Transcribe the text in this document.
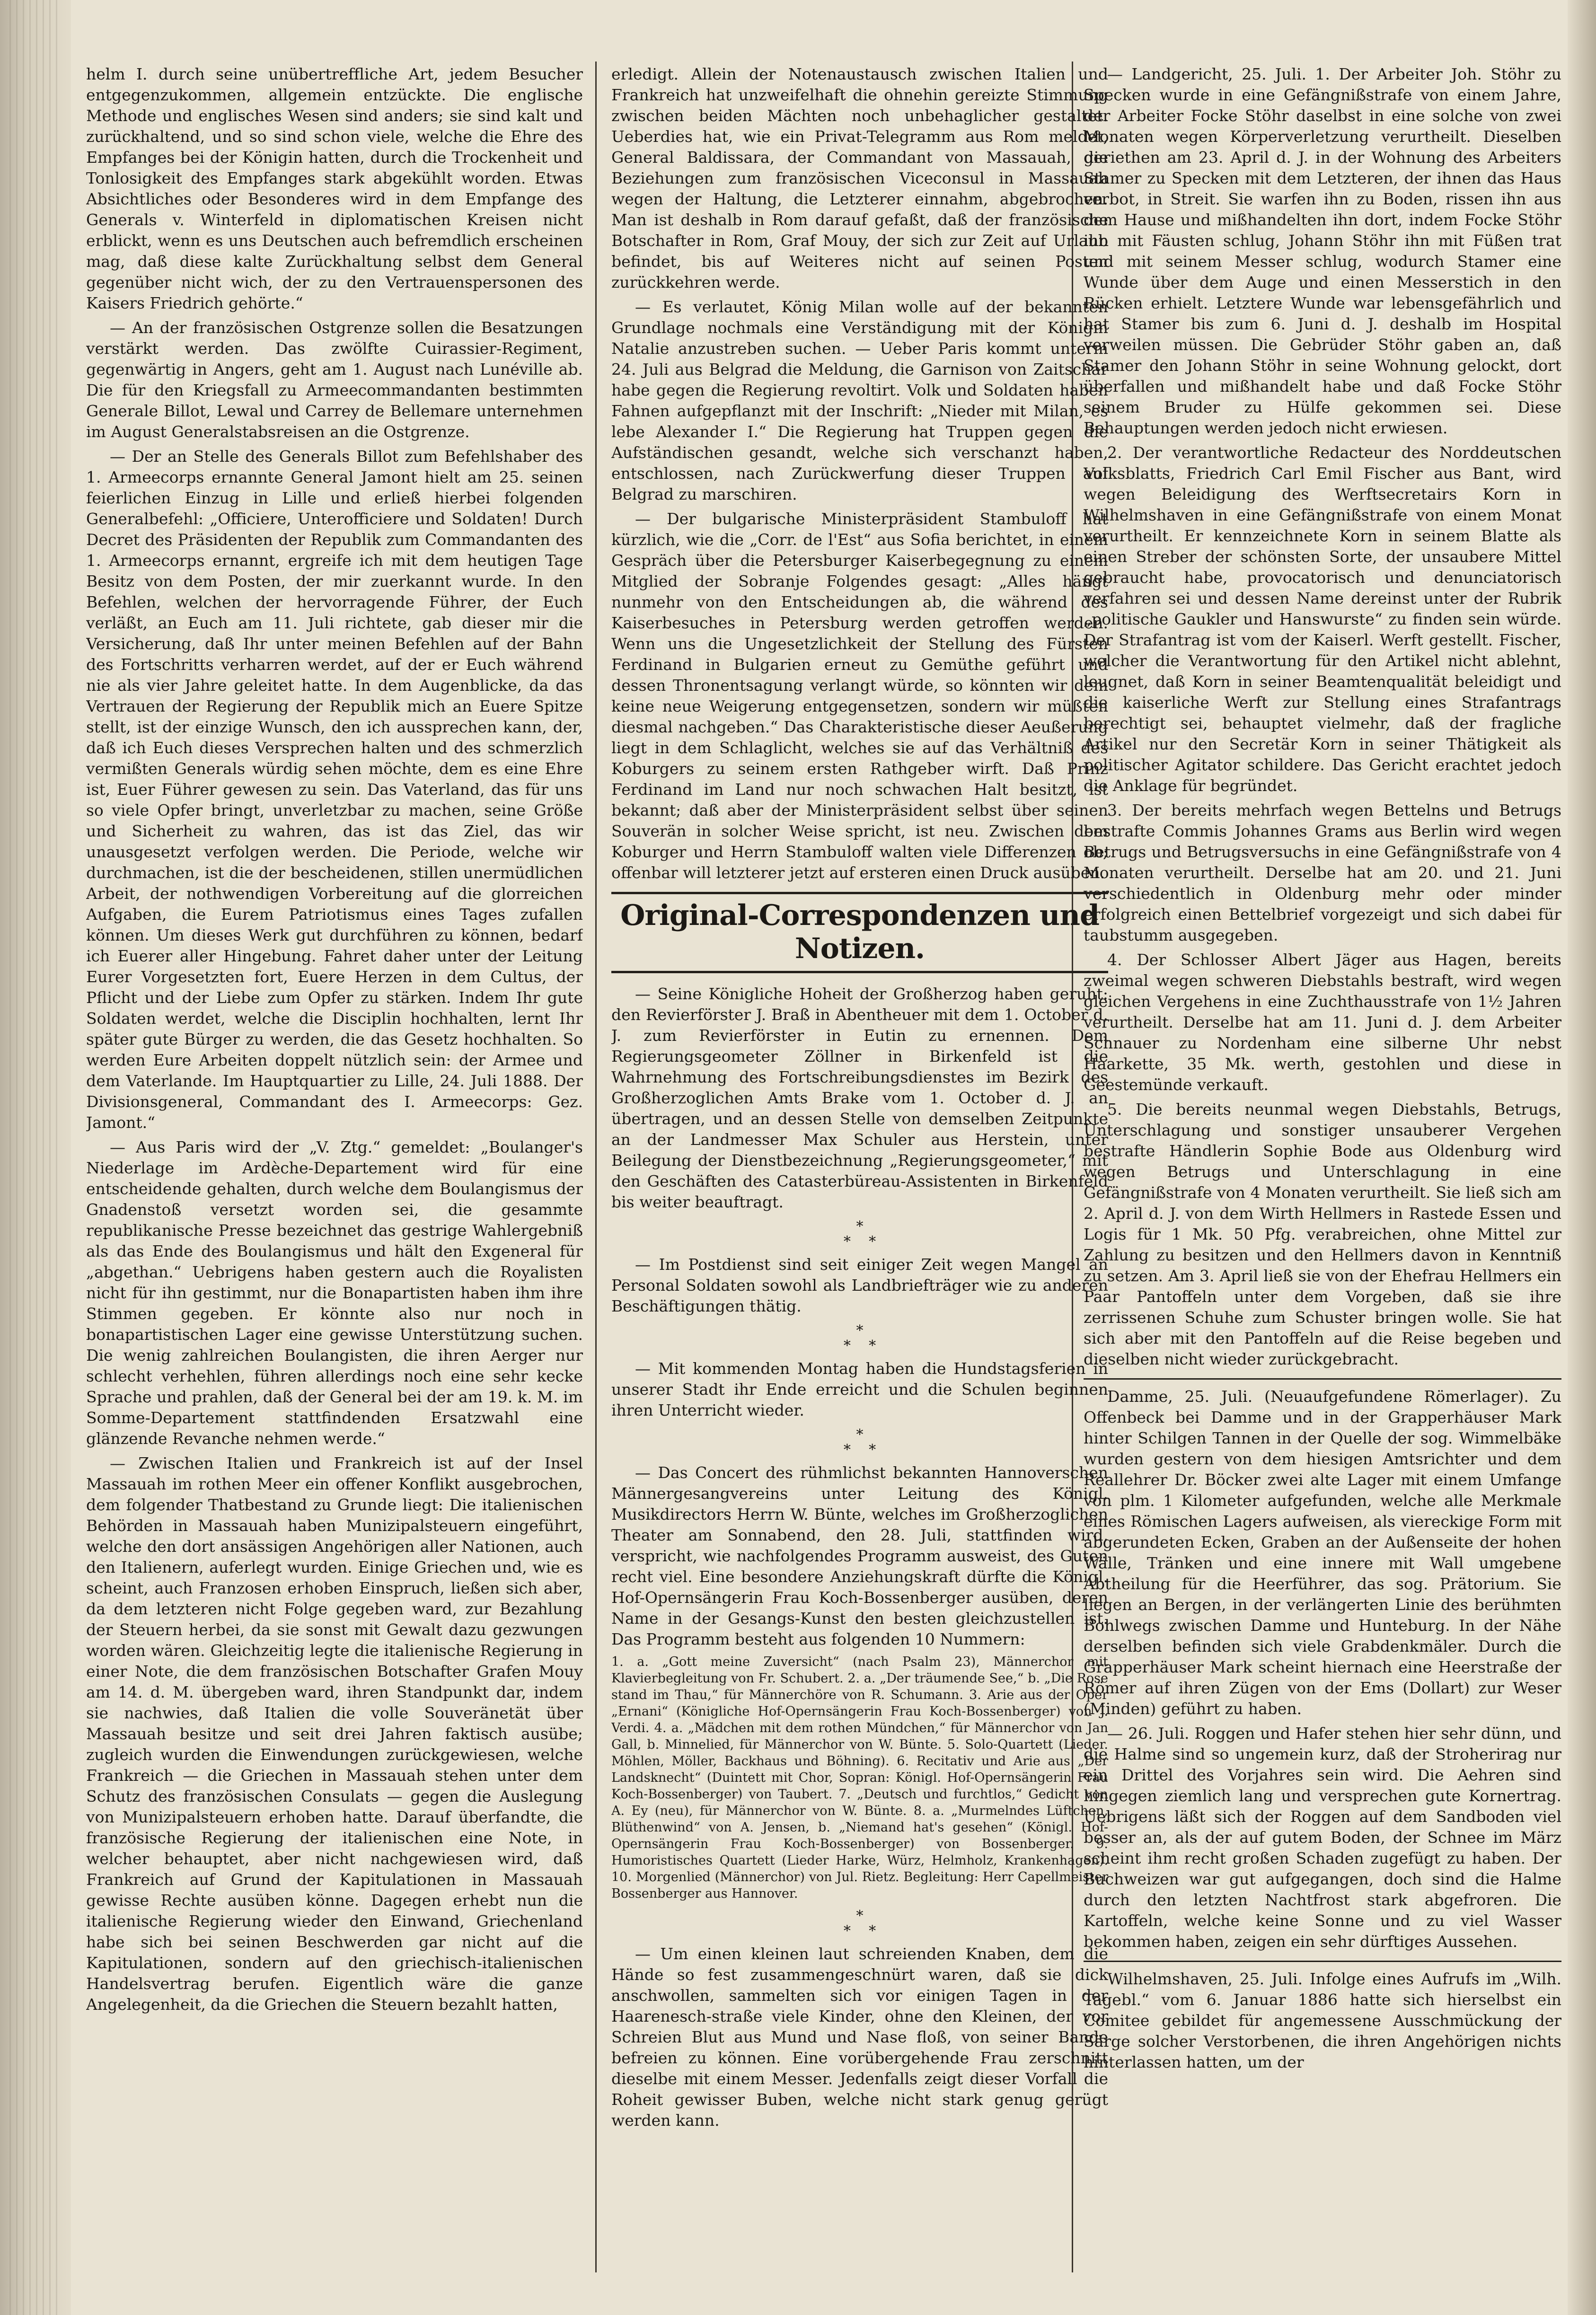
helm I. durch seine unübertreffliche Art, jedem Besucher entgegenzukommen, allgemein entzückte. Die englische Methode und englisches Wesen sind anders; sie sind kalt und zurückhaltend, und so sind schon viele, welche die Ehre des Empfanges bei der Königin hatten, durch die Trockenheit und Tonlosigkeit des Empfanges stark abgekühlt worden. Etwas Absichtliches oder Besonderes wird in dem Empfange des Generals v. Winterfeld in diplomatischen Kreisen nicht erblickt, wenn es uns Deutschen auch befremdlich erscheinen mag, daß diese kalte Zurückhaltung selbst dem General gegenüber nicht wich, der zu den Vertrauenspersonen des Kaisers Friedrich gehörte.“

— An der französischen Ostgrenze sollen die Besatzungen verstärkt werden. Das zwölfte Cuirassier-Regiment, gegenwärtig in Angers, geht am 1. August nach Lunéville ab. Die für den Kriegsfall zu Armeecommandanten bestimmten Generale Billot, Lewal und Carrey de Bellemare unternehmen im August Generalstabsreisen an die Ostgrenze.

— Der an Stelle des Generals Billot zum Befehlshaber des 1. Armeecorps ernannte General Jamont hielt am 25. seinen feierlichen Einzug in Lille und erließ hierbei folgenden Generalbefehl: „Officiere, Unterofficiere und Soldaten! Durch Decret des Präsidenten der Republik zum Commandanten des 1. Armeecorps ernannt, ergreife ich mit dem heutigen Tage Besitz von dem Posten, der mir zuerkannt wurde. In den Befehlen, welchen der hervorragende Führer, der Euch verläßt, an Euch am 11. Juli richtete, gab dieser mir die Versicherung, daß Ihr unter meinen Befehlen auf der Bahn des Fortschritts verharren werdet, auf der er Euch während nie als vier Jahre geleitet hatte. In dem Augenblicke, da das Vertrauen der Regierung der Republik mich an Euere Spitze stellt, ist der einzige Wunsch, den ich aussprechen kann, der, daß ich Euch dieses Versprechen halten und des schmerzlich vermißten Generals würdig sehen möchte, dem es eine Ehre ist, Euer Führer gewesen zu sein. Das Vaterland, das für uns so viele Opfer bringt, unverletzbar zu machen, seine Größe und Sicherheit zu wahren, das ist das Ziel, das wir unausgesetzt verfolgen werden. Die Periode, welche wir durchmachen, ist die der bescheidenen, stillen unermüdlichen Arbeit, der nothwendigen Vorbereitung auf die glorreichen Aufgaben, die Eurem Patriotismus eines Tages zufallen können. Um dieses Werk gut durchführen zu können, bedarf ich Euerer aller Hingebung. Fahret daher unter der Leitung Eurer Vorgesetzten fort, Euere Herzen in dem Cultus, der Pflicht und der Liebe zum Opfer zu stärken. Indem Ihr gute Soldaten werdet, welche die Disciplin hochhalten, lernt Ihr später gute Bürger zu werden, die das Gesetz hochhalten. So werden Eure Arbeiten doppelt nützlich sein: der Armee und dem Vaterlande. Im Hauptquartier zu Lille, 24. Juli 1888. Der Divisionsgeneral, Commandant des I. Armeecorps: Gez. Jamont.“

— Aus Paris wird der „V. Ztg.“ gemeldet: „Boulanger's Niederlage im Ardèche-Departement wird für eine entscheidende gehalten, durch welche dem Boulangismus der Gnadenstoß versetzt worden sei, die gesammte republikanische Presse bezeichnet das gestrige Wahlergebniß als das Ende des Boulangismus und hält den Exgeneral für „abgethan.“ Uebrigens haben gestern auch die Royalisten nicht für ihn gestimmt, nur die Bonapartisten haben ihm ihre Stimmen gegeben. Er könnte also nur noch in bonapartistischen Lager eine gewisse Unterstützung suchen. Die wenig zahlreichen Boulangisten, die ihren Aerger nur schlecht verhehlen, führen allerdings noch eine sehr keckе Sprache und prahlen, daß der General bei der am 19. k. M. im Somme-Departement stattfindenden Ersatzwahl eine glänzende Revanche nehmen werde.“

— Zwischen Italien und Frankreich ist auf der Insel Massauah im rothen Meer ein offener Konflikt ausgebrochen, dem folgender Thatbestand zu Grunde liegt: Die italienischen Behörden in Massauah haben Munizipalsteuern eingeführt, welche den dort ansässigen Angehörigen aller Nationen, auch den Italienern, auferlegt wurden. Einige Griechen und, wie es scheint, auch Franzosen erhoben Einspruch, ließen sich aber, da dem letzteren nicht Folge gegeben ward, zur Bezahlung der Steuern herbei, da sie sonst mit Gewalt dazu gezwungen worden wären. Gleichzeitig legte die italienische Regierung in einer Note, die dem französischen Botschafter Grafen Mouy am 14. d. M. übergeben ward, ihren Standpunkt dar, indem sie nachwies, daß Italien die volle Souveränetät über Massauah besitze und seit drei Jahren faktisch ausübe; zugleich wurden die Einwendungen zurückgewiesen, welche Frankreich — die Griechen in Massauah stehen unter dem Schutz des französischen Consulats — gegen die Auslegung von Munizipalsteuern erhoben hatte. Darauf überfandte, die französische Regierung der italienischen eine Note, in welcher behauptet, aber nicht nachgewiesen wird, daß Frankreich auf Grund der Kapitulationen in Massauah gewisse Rechte ausüben könne. Dagegen erhebt nun die italienische Regierung wieder den Einwand, Griechenland habe sich bei seinen Beschwerden gar nicht auf die Kapitulationen, sondern auf den griechisch-italienischen Handelsvertrag berufen. Eigentlich wäre die ganze Angelegenheit, da die Griechen die Steuern bezahlt hatten,

erledigt. Allein der Notenaustausch zwischen Italien und Frankreich hat unzweifelhaft die ohnehin gereizte Stimmung zwischen beiden Mächten noch unbehaglicher gestaltet. Ueberdies hat, wie ein Privat-Telegramm aus Rom meldet, General Baldissara, der Commandant von Massauah, die Beziehungen zum französischen Viceconsul in Massauah wegen der Haltung, die Letzterer einnahm, abgebrochen. Man ist deshalb in Rom darauf gefaßt, daß der französische Botschafter in Rom, Graf Mouy, der sich zur Zeit auf Urlaub befindet, bis auf Weiteres nicht auf seinen Posten zurückkehren werde.

— Es verlautet, König Milan wolle auf der bekannten Grundlage nochmals eine Verständigung mit der Königin Natalie anzustreben suchen. — Ueber Paris kommt unterm 24. Juli aus Belgrad die Meldung, die Garnison von Zaitschar habe gegen die Regierung revoltirt. Volk und Soldaten haben Fahnen aufgepflanzt mit der Inschrift: „Nieder mit Milan, es lebe Alexander I.“ Die Regierung hat Truppen gegen die Aufständischen gesandt, welche sich verschanzt haben, entschlossen, nach Zurückwerfung dieser Truppen auf Belgrad zu marschiren.

— Der bulgarische Ministerpräsident Stambuloff hat kürzlich, wie die „Corr. de l'Est“ aus Sofia berichtet, in einem Gespräch über die Petersburger Kaiserbegegnung zu einem Mitglied der Sobranje Folgendes gesagt: „Alles hängt nunmehr von den Entscheidungen ab, die während des Kaiserbesuches in Petersburg werden getroffen werden. Wenn uns die Ungesetzlichkeit der Stellung des Fürsten Ferdinand in Bulgarien erneut zu Gemüthe geführt und dessen Thronentsagung verlangt würde, so könnten wir dem keine neue Weigerung entgegensetzen, sondern wir müßten diesmal nachgeben.“ Das Charakteristische dieser Aeußerung liegt in dem Schlaglicht, welches sie auf das Verhältniß des Koburgers zu seinem ersten Rathgeber wirft. Daß Prinz Ferdinand im Land nur noch schwachen Halt besitzt, ist bekannt; daß aber der Ministerpräsident selbst über seinen Souverän in solcher Weise spricht, ist neu. Zwischen dem Koburger und Herrn Stambuloff walten viele Differenzen ob; offenbar will letzterer jetzt auf ersteren einen Druck ausüben.

Original-Correspondenzen und Notizen.

— Seine Königliche Hoheit der Großherzog haben geruht: den Revierförster J. Braß in Abentheuer mit dem 1. October d. J. zum Revierförster in Eutin zu ernennen. Dem Regierungsgeometer Zöllner in Birkenfeld ist die Wahrnehmung des Fortschreibungsdienstes im Bezirk des Großherzoglichen Amts Brake vom 1. October d. J. an übertragen, und an dessen Stelle von demselben Zeitpunkte an der Landmesser Max Schuler aus Herstein, unter Beilegung der Dienstbezeichnung „Regierungsgeometer,“ mit den Geschäften des Catasterbüreau-Assistenten in Birkenfeld bis weiter beauftragt.

*
* *

— Im Postdienst sind seit einiger Zeit wegen Mangel an Personal Soldaten sowohl als Landbriefträger wie zu anderen Beschäftigungen thätig.

*
* *

— Mit kommenden Montag haben die Hundstagsferien in unserer Stadt ihr Ende erreicht und die Schulen beginnen ihren Unterricht wieder.

*
* *

— Das Concert des rühmlichst bekannten Hannoverschen Männergesangvereins unter Leitung des Königl. Musikdirectors Herrn W. Bünte, welches im Großherzoglichen Theater am Sonnabend, den 28. Juli, stattfinden wird, verspricht, wie nachfolgendes Programm ausweist, des Guten recht viel. Eine besondere Anziehungskraft dürfte die Königl. Hof-Opernsängerin Frau Koch-Bossenberger ausüben, deren Name in der Gesangs-Kunst den besten gleichzustellen ist. Das Programm besteht aus folgenden 10 Nummern:

1. a. „Gott meine Zuversicht“ (nach Psalm 23), Männerchor mit Klavierbegleitung von Fr. Schubert. 2. a. „Der träumende See,“ b. „Die Rose stand im Thau,“ für Männerchöre von R. Schumann. 3. Arie aus der Oper „Ernani“ (Königliche Hof-Opernsängerin Frau Koch-Bossenberger) von J. Verdi. 4. a. „Mädchen mit dem rothen Mündchen,“ für Männerchor von Jan Gall, b. Minnelied, für Männerchor von W. Bünte. 5. Solo-Quartett (Lieder. Möhlen, Möller, Backhaus und Böhning). 6. Recitativ und Arie aus „Der Landsknecht“ (Duintett mit Chor, Sopran: Königl. Hof-Opernsängerin Frau Koch-Bossenberger) von Taubert. 7. „Deutsch und furchtlos,“ Gedicht von A. Ey (neu), für Männerchor von W. Bünte. 8. a. „Murmelndes Lüftchen, Blüthenwind“ von A. Jensen, b. „Niemand hat's gesehen“ (Königl. Hof-Opernsängerin Frau Koch-Bossenberger) von Bossenberger. 9. Humoristisches Quartett (Lieder Harke, Würz, Helmholz, Krankenhagen). 10. Morgenlied (Männerchor) von Jul. Rietz. Begleitung: Herr Capellmeister Bossenberger aus Hannover.

*
* *

— Um einen kleinen laut schreienden Knaben, dem die Hände so fest zusammengeschnürt waren, daß sie dick anschwollen, sammelten sich vor einigen Tagen in der Haarenesch-straße viele Kinder, ohne den Kleinen, der vor Schreien Blut aus Mund und Nase floß, von seiner Bande befreien zu können. Eine vorübergehende Frau zerschnitt dieselbe mit einem Messer. Jedenfalls zeigt dieser Vorfall die Roheit gewisser Buben, welche nicht stark genug gerügt werden kann.

— Landgericht, 25. Juli. 1. Der Arbeiter Joh. Stöhr zu Specken wurde in eine Gefängnißstrafe von einem Jahre, der Arbeiter Focke Stöhr daselbst in eine solche von zwei Monaten wegen Körperverletzung verurtheilt. Dieselben geriethen am 23. April d. J. in der Wohnung des Arbeiters Stamer zu Specken mit dem Letzteren, der ihnen das Haus verbot, in Streit. Sie warfen ihn zu Boden, rissen ihn aus dem Hause und mißhandelten ihn dort, indem Focke Stöhr ihn mit Fäusten schlug, Johann Stöhr ihn mit Füßen trat und mit seinem Messer schlug, wodurch Stamer eine Wunde über dem Auge und einen Messerstich in den Rücken erhielt. Letztere Wunde war lebensgefährlich und hat Stamer bis zum 6. Juni d. J. deshalb im Hospital verweilen müssen. Die Gebrüder Stöhr gaben an, daß Stamer den Johann Stöhr in seine Wohnung gelockt, dort überfallen und mißhandelt habe und daß Focke Stöhr seinem Bruder zu Hülfe gekommen sei. Diese Behauptungen werden jedoch nicht erwiesen.

2. Der verantwortliche Redacteur des Norddeutschen Volksblatts, Friedrich Carl Emil Fischer aus Bant, wird wegen Beleidigung des Werftsecretairs Korn in Wilhelmshaven in eine Gefängnißstrafe von einem Monat verurtheilt. Er kennzeichnete Korn in seinem Blatte als einen Streber der schönsten Sorte, der unsaubere Mittel gebraucht habe, provocatorisch und denunciatorisch verfahren sei und dessen Name dereinst unter der Rubrik „politische Gaukler und Hanswurste“ zu finden sein würde. Der Strafantrag ist vom der Kaiserl. Werft gestellt. Fischer, welcher die Verantwortung für den Artikel nicht ablehnt, leugnet, daß Korn in seiner Beamtenqualität beleidigt und die kaiserliche Werft zur Stellung eines Strafantrags berechtigt sei, behauptet vielmehr, daß der fragliche Artikel nur den Secretär Korn in seiner Thätigkeit als politischer Agitator schildere. Das Gericht erachtet jedoch die Anklage für begründet.

3. Der bereits mehrfach wegen Bettelns und Betrugs bestrafte Commis Johannes Grams aus Berlin wird wegen Betrugs und Betrugsversuchs in eine Gefängnißstrafe von 4 Monaten verurtheilt. Derselbe hat am 20. und 21. Juni verschiedentlich in Oldenburg mehr oder minder erfolgreich einen Bettelbrief vorgezeigt und sich dabei für taubstumm ausgegeben.

4. Der Schlosser Albert Jäger aus Hagen, bereits zweimal wegen schweren Diebstahls bestraft, wird wegen gleichen Vergehens in eine Zuchthausstrafe von 1½ Jahren verurtheilt. Derselbe hat am 11. Juni d. J. dem Arbeiter Schnauer zu Nordenham eine silberne Uhr nebst Haarkette, 35 Mk. werth, gestohlen und diese in Geestemünde verkauft.

5. Die bereits neunmal wegen Diebstahls, Betrugs, Unterschlagung und sonstiger unsauberer Vergehen bestrafte Händlerin Sophie Bode aus Oldenburg wird wegen Betrugs und Unterschlagung in eine Gefängnißstrafe von 4 Monaten verurtheilt. Sie ließ sich am 2. April d. J. von dem Wirth Hellmers in Rastede Essen und Logis für 1 Mk. 50 Pfg. verabreichen, ohne Mittel zur Zahlung zu besitzen und den Hellmers davon in Kenntniß zu setzen. Am 3. April ließ sie von der Ehefrau Hellmers ein Paar Pantoffeln unter dem Vorgeben, daß sie ihre zerrissenen Schuhe zum Schuster bringen wolle. Sie hat sich aber mit den Pantoffeln auf die Reise begeben und dieselben nicht wieder zurückgebracht.

Damme, 25. Juli. (Neuaufgefundene Römerlager). Zu Offenbeck bei Damme und in der Grapperhäuser Mark hinter Schilgen Tannen in der Quelle der sog. Wimmelbäke wurden gestern von dem hiesigen Amtsrichter und dem Reallehrer Dr. Böcker zwei alte Lager mit einem Umfange von plm. 1 Kilometer aufgefunden, welche alle Merkmale eines Römischen Lagers aufweisen, als viereckige Form mit abgerundeten Ecken, Graben an der Außenseite der hohen Wälle, Tränken und eine innere mit Wall umgebene Abtheilung für die Heerführer, das sog. Prätorium. Sie liegen an Bergen, in der verlängerten Linie des berühmten Bohlwegs zwischen Damme und Hunteburg. In der Nähe derselben befinden sich viele Grabdenkmäler. Durch die Grapperhäuser Mark scheint hiernach eine Heerstraße der Römer auf ihren Zügen von der Ems (Dollart) zur Weser (Minden) geführt zu haben.

— 26. Juli. Roggen und Hafer stehen hier sehr dünn, und die Halme sind so ungemein kurz, daß der Stroherirag nur ein Drittel des Vorjahres sein wird. Die Aehren sind hingegen ziemlich lang und versprechen gute Kornertrag. Uebrigens läßt sich der Roggen auf dem Sandboden viel besser an, als der auf gutem Boden, der Schnee im März scheint ihm recht großen Schaden zugefügt zu haben. Der Buchweizen war gut aufgegangen, doch sind die Halme durch den letzten Nachtfrost stark abgefroren. Die Kartoffeln, welche keine Sonne und zu viel Wasser bekommen haben, zeigen ein sehr dürftiges Aussehen.

Wilhelmshaven, 25. Juli. Infolge eines Aufrufs im „Wilh. Tagebl.“ vom 6. Januar 1886 hatte sich hierselbst ein Comitee gebildet für angemessene Ausschmückung der Särge solcher Verstorbenen, die ihren Angehörigen nichts hinterlassen hatten, um der
